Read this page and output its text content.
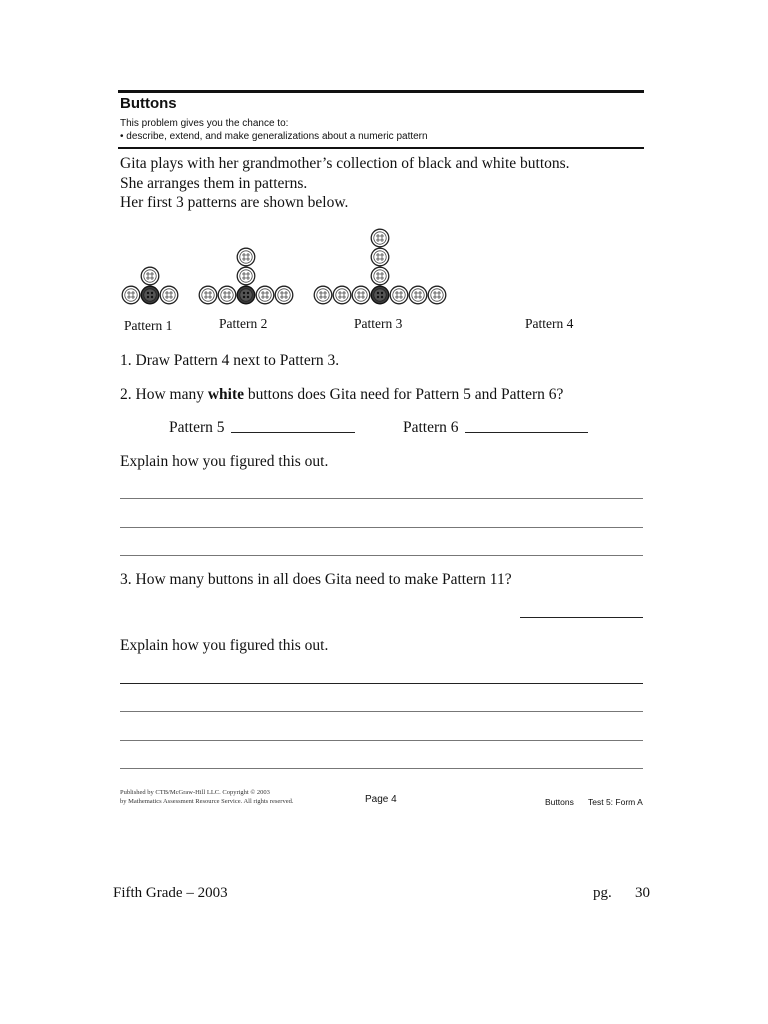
Buttons
This problem gives you the chance to:
• describe, extend, and make generalizations about a numeric pattern
Gita plays with her grandmother’s collection of black and white buttons.
She arranges them in patterns.
Her first 3 patterns are shown below.
Pattern 1	Pattern 2	Pattern 3	Pattern 4
1. Draw Pattern 4 next to Pattern 3.
2. How many white buttons does Gita need for Pattern 5 and Pattern 6?
Pattern 5	Pattern 6
Explain how you figured this out.
3. How many buttons in all does Gita need to make Pattern 11?
Explain how you figured this out.
Published by CTB/McGraw-Hill LLC. Copyright © 2003
by Mathematics Assessment Resource Service. All rights reserved.	Page 4	Buttons Test 5: Form A
Fifth Grade – 2003	pg. 30
